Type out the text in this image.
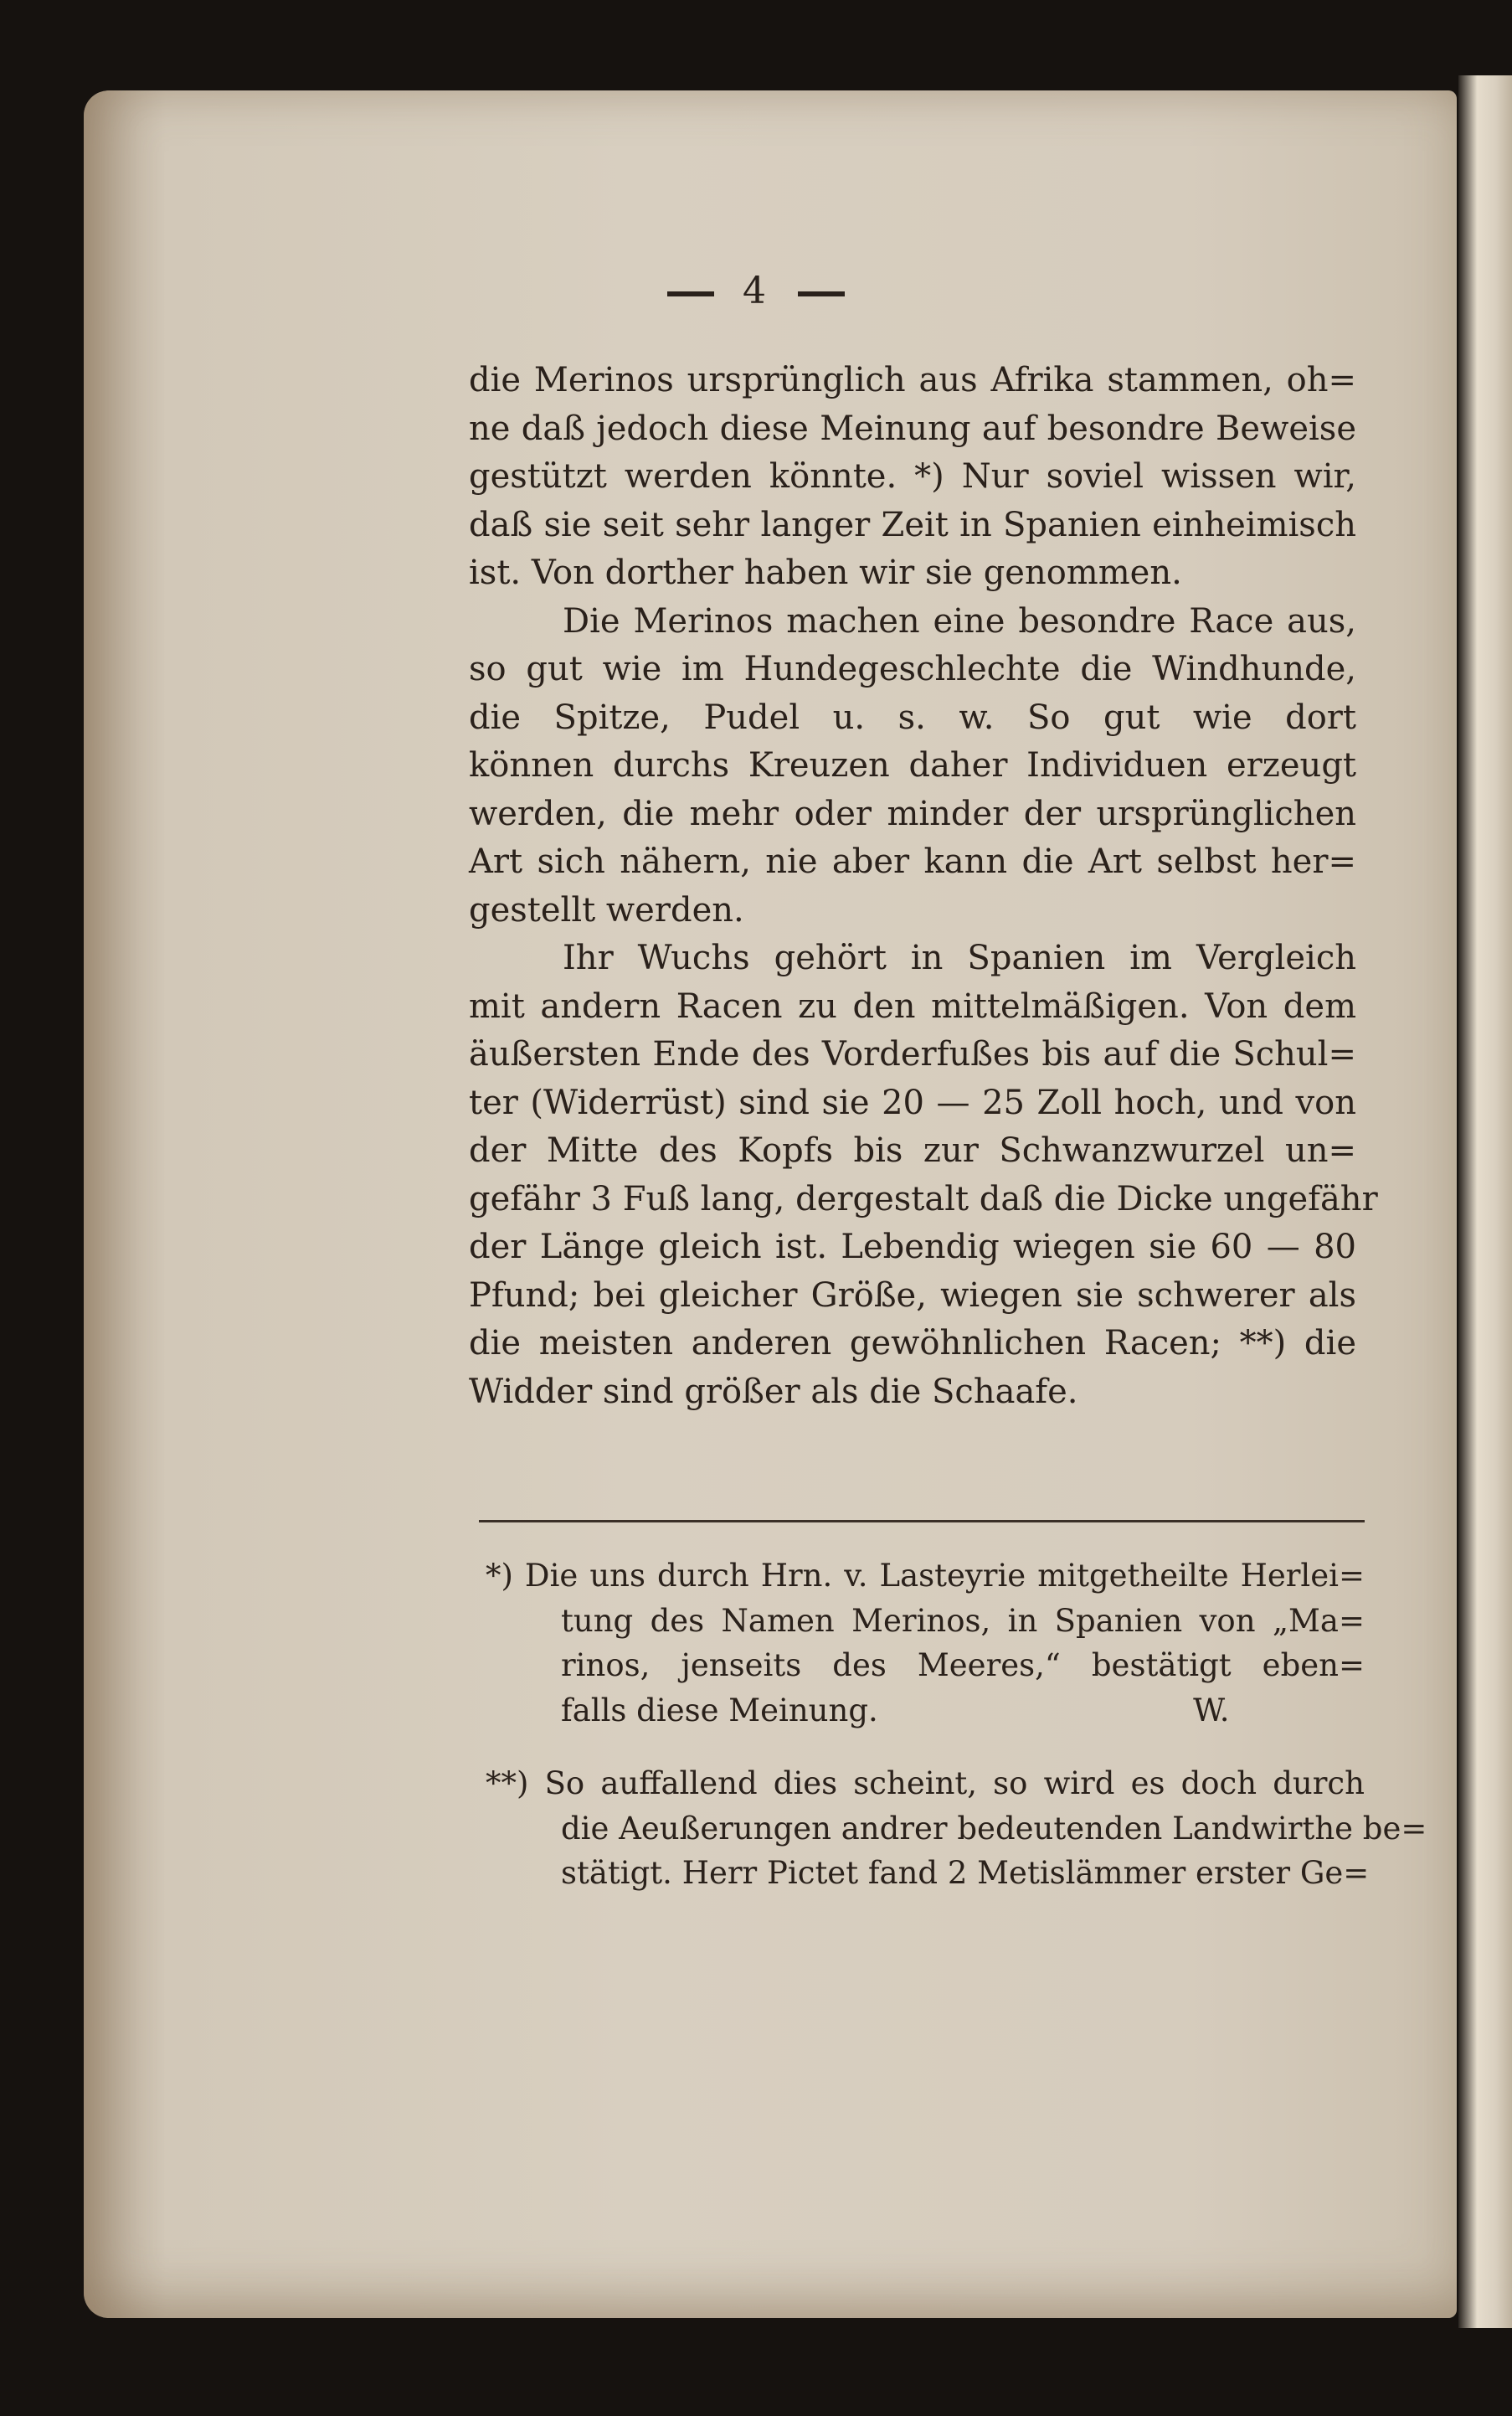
4
die Merinos ursprünglich aus Afrika stammen, oh=
ne daß jedoch diese Meinung auf besondre Beweise
gestützt werden könnte. *) Nur soviel wissen wir,
daß sie seit sehr langer Zeit in Spanien einheimisch
ist. Von dorther haben wir sie genommen.
Die Merinos machen eine besondre Race aus,
so gut wie im Hundegeschlechte die Windhunde,
die Spitze, Pudel u. s. w. So gut wie dort
können durchs Kreuzen daher Individuen erzeugt
werden, die mehr oder minder der ursprünglichen
Art sich nähern, nie aber kann die Art selbst her=
gestellt werden.
Ihr Wuchs gehört in Spanien im Vergleich
mit andern Racen zu den mittelmäßigen. Von dem
äußersten Ende des Vorderfußes bis auf die Schul=
ter (Widerrüst) sind sie 20 — 25 Zoll hoch, und von
der Mitte des Kopfs bis zur Schwanzwurzel un=
gefähr 3 Fuß lang, dergestalt daß die Dicke ungefähr
der Länge gleich ist. Lebendig wiegen sie 60 — 80
Pfund; bei gleicher Größe, wiegen sie schwerer als
die meisten anderen gewöhnlichen Racen; **) die
Widder sind größer als die Schaafe.
*) Die uns durch Hrn. v. Lasteyrie mitgetheilte Herlei=
tung des Namen Merinos, in Spanien von „Ma=
rinos, jenseits des Meeres,“ bestätigt eben=
falls diese Meinung.                                W.
**) So auffallend dies scheint, so wird es doch durch
die Aeußerungen andrer bedeutenden Landwirthe be=
stätigt. Herr Pictet fand 2 Metislämmer erster Ge=
